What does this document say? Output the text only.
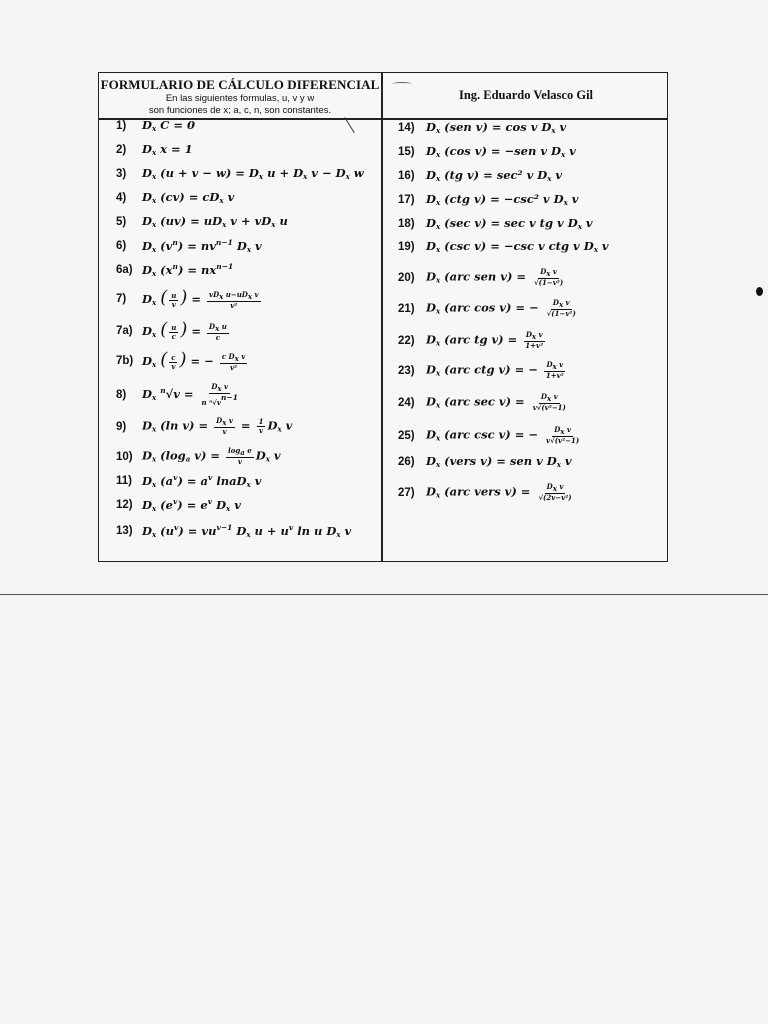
FORMULARIO DE CÁLCULO DIFERENCIAL
En las siguientes formulas, u, v y w
son funciones de x; a, c, n, son constantes.
Ing. Eduardo Velasco Gil
1)	$D_x$ C = 0
2)	$D_x$ x = 1
3)	$D_x$ $(u + v - w) = D_x$ $u + D_x$ $v - D_x$ w
4)	$D_x$ $(cv) = cD_x$ v
5)	$D_x$ $(uv) = uD_x$ $v + vD_x$ u
6)	$D_x$ $(v^n) = nv^{n-1}$ $D_x$ v
6a) $D_x$ $(x^n) = nx^{n-1}$
7)	$D_x$ ( $\frac{u}{v}$ ) = $\frac{vD_x u-uD_x v}{\text{v²}}$
7a) $D_x$ ( $\frac{u}{c}$ ) = $\frac{D_x u}{c}$
7b) $D_x$ ( $\frac{c}{v}$ ) = − $\frac{c D_x v}{\text{v²}}$
8)	$D_x$ $^n√v = \frac{D_x v}{n ^n√v^{n-1}}$
9)	$D_x$ (ln $v) = \frac{D_x v}{v} = \frac{1}{v} D_x$ v
10) $D_x$ ($\log_a$ $v) = \frac{\log_a e}{v} D_x$ v
11) $D_x$ $(a^v) = a^v$ lnaD$_x$ v
12) $D_x$ $(e^v) = e^v$ $D_x$ v
13) $D_x$ $(u^v) = vu^{v-1}$ $D_x$ $u + u^v$ ln u $D_x$ v
14) $D_x$ (sen v) = cos v $D_x$ v
15) $D_x$ (cos v) = −sen v $D_x$ v
16) $D_x$ (tg v) = sec² v $D_x$ v
17) $D_x$ (ctg v) = −csc² v $D_x$ v
18) $D_x$ (sec v) = sec v tg v $D_x$ v
19) $D_x$ (csc v) = −csc v ctg v $D_x$ v
20) $D_x$ (arc sen $v) = \frac{D_x v}{\text{√(1−v²)}}$
21) $D_x$ (arc cos v) = − $\frac{D_x v}{\text{√(1−v²)}}$
22) $D_x$ (arc tg $v) = \frac{D_x v}{\text{1+v²}}$
23) $D_x$ (arc ctg v) = − $\frac{D_x v}{\text{1+v²}}$
24) $D_x$ (arc $\sec v) = \frac{D_x v}{\text{v√(v²−1)}}$
25) $D_x$ (arc csc v) = − $\frac{D_x v}{\text{v√(v²−1)}}$
26) $D_x$ (vers v) = sen v $D_x$ v
27) $D_x$ (arc vers $v) = \frac{D_x v}{\text{√(2v−v²)}}$
